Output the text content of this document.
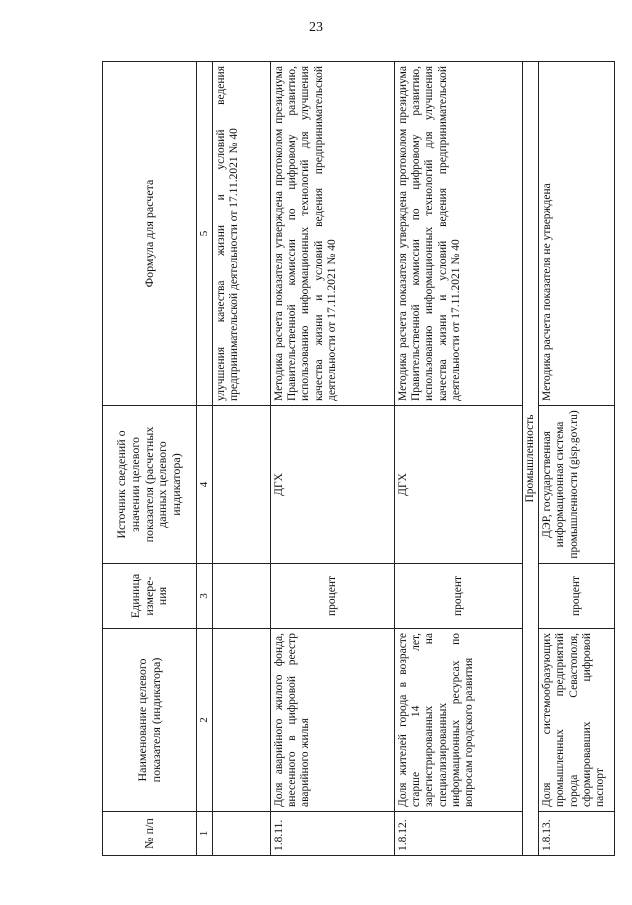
23
№ п/п	Наименование целевого показателя (индикатора)	Единица измере-ния	Источник сведений о значении целевого показателя (расчетных данных целевого индикатора)	Формула для расчета
1	2	3	4	5
				улучшения качества жизни и условий ведения предпринимательской деятельности от 17.11.2021 № 40
1.8.11.	Доля аварийного жилого фонда, внесенного в цифровой реестр аварийного жилья	процент	ДГХ	Методика расчета показателя утверждена протоколом президиума Правительственной комиссии по цифровому развитию, использованию информационных технологий для улучшения качества жизни и условий ведения предпринимательской деятельности от 17.11.2021 № 40
1.8.12.	Доля жителей города в возрасте старше 14 лет, зарегистрированных на специализированных информационных ресурсах по вопросам городского развития	процент	ДГХ	Методика расчета показателя утверждена протоколом президиума Правительственной комиссии по цифровому развитию, использованию информационных технологий для улучшения качества жизни и условий ведения предпринимательской деятельности от 17.11.2021 № 40
Промышленность				
1.8.13.	Доля системообразующих промышленных предприятий города Севастополя, сформировавших цифровой паспорт	процент	ДЭР, государственная информационная система промышленности (gisp.gov.ru)	Методика расчета показателя не утверждена
